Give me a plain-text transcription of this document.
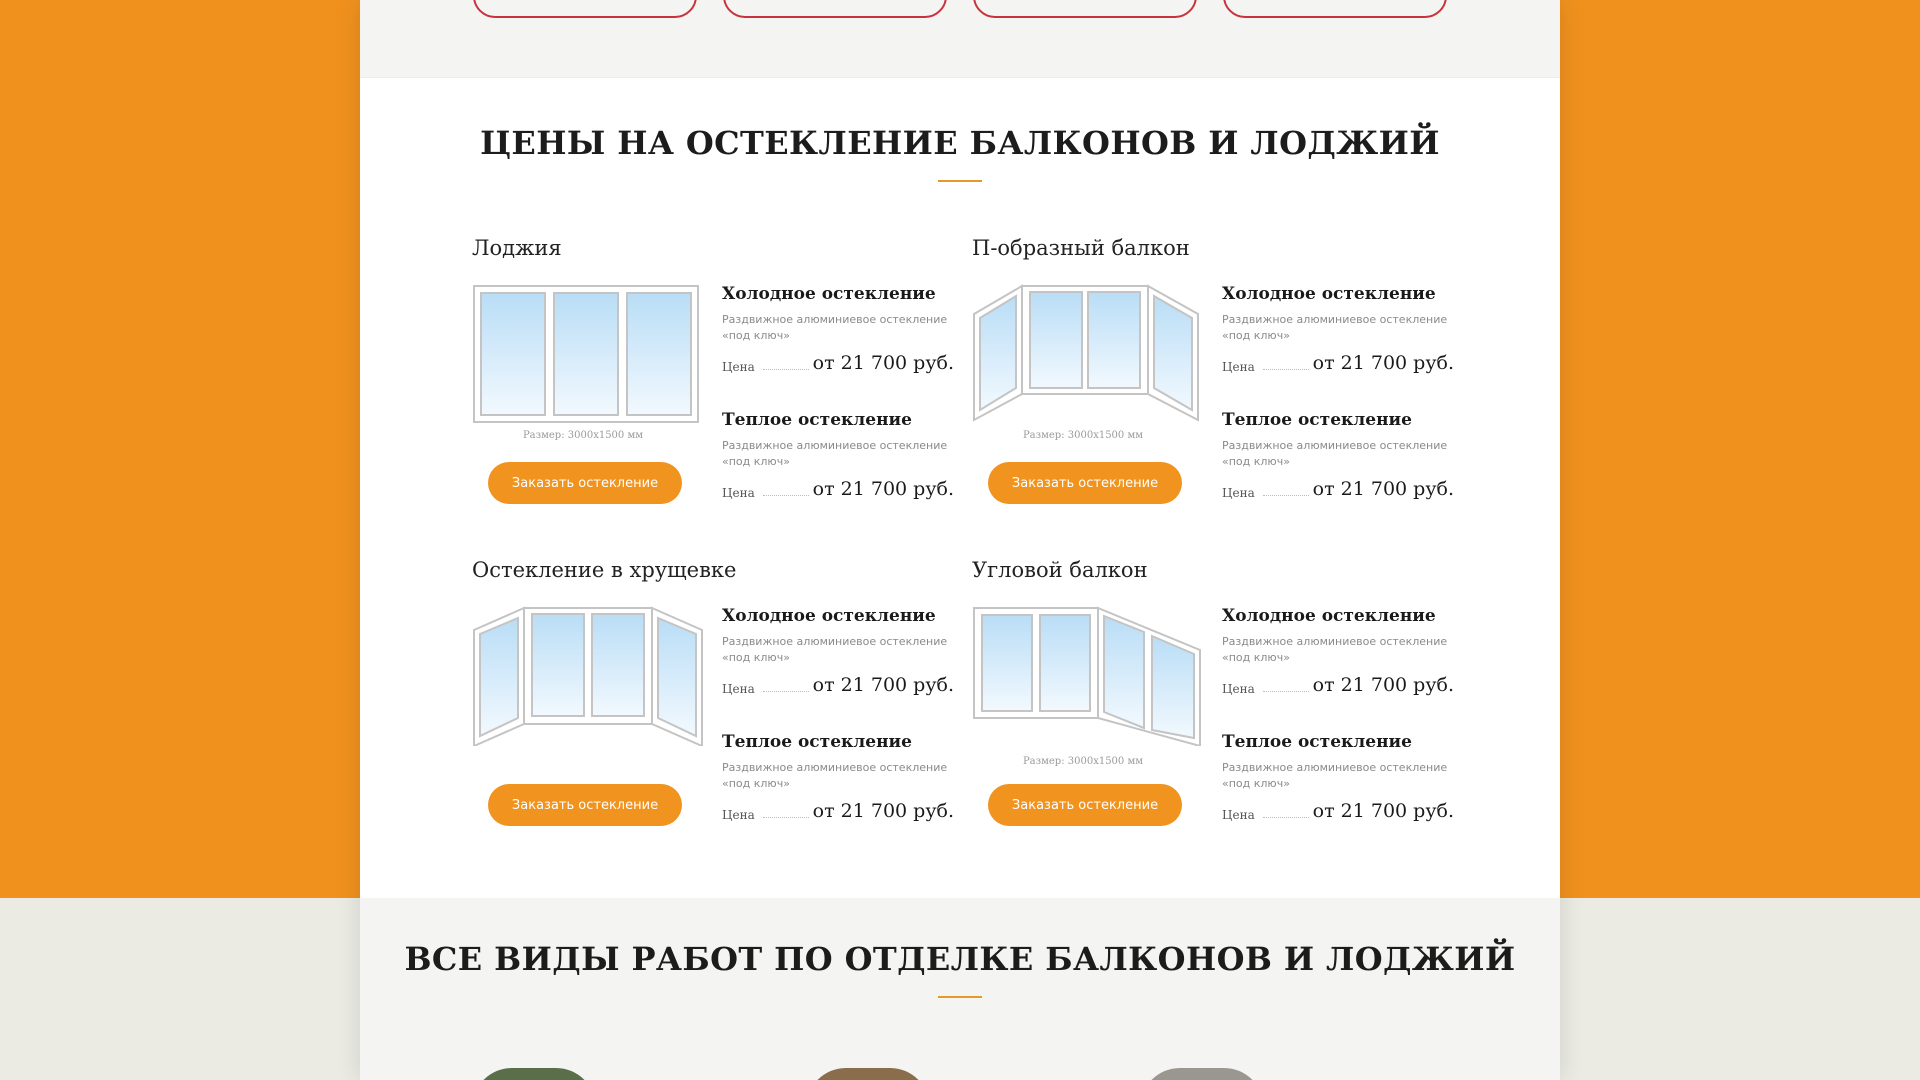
ЦЕНЫ НА ОСТЕКЛЕНИЕ БАЛКОНОВ И ЛОДЖИЙ
Лоджия
Размер: 3000х1500 мм
Заказать остекление
Холодное остекление
Раздвижное алюминиевое остекление «под ключ»
Цена	от 21 700 руб.
Теплое остекление
Раздвижное алюминиевое остекление «под ключ»
Цена	от 21 700 руб.
П-образный балкон
Размер: 3000х1500 мм
Заказать остекление
Холодное остекление
Раздвижное алюминиевое остекление «под ключ»
Цена	от 21 700 руб.
Теплое остекление
Раздвижное алюминиевое остекление «под ключ»
Цена	от 21 700 руб.
Остекление в хрущевке
Заказать остекление
Холодное остекление
Раздвижное алюминиевое остекление «под ключ»
Цена	от 21 700 руб.
Теплое остекление
Раздвижное алюминиевое остекление «под ключ»
Цена	от 21 700 руб.
Угловой балкон
Размер: 3000х1500 мм
Заказать остекление
Холодное остекление
Раздвижное алюминиевое остекление «под ключ»
Цена	от 21 700 руб.
Теплое остекление
Раздвижное алюминиевое остекление «под ключ»
Цена	от 21 700 руб.
ВСЕ ВИДЫ РАБОТ ПО ОТДЕЛКЕ БАЛКОНОВ И ЛОДЖИЙ
